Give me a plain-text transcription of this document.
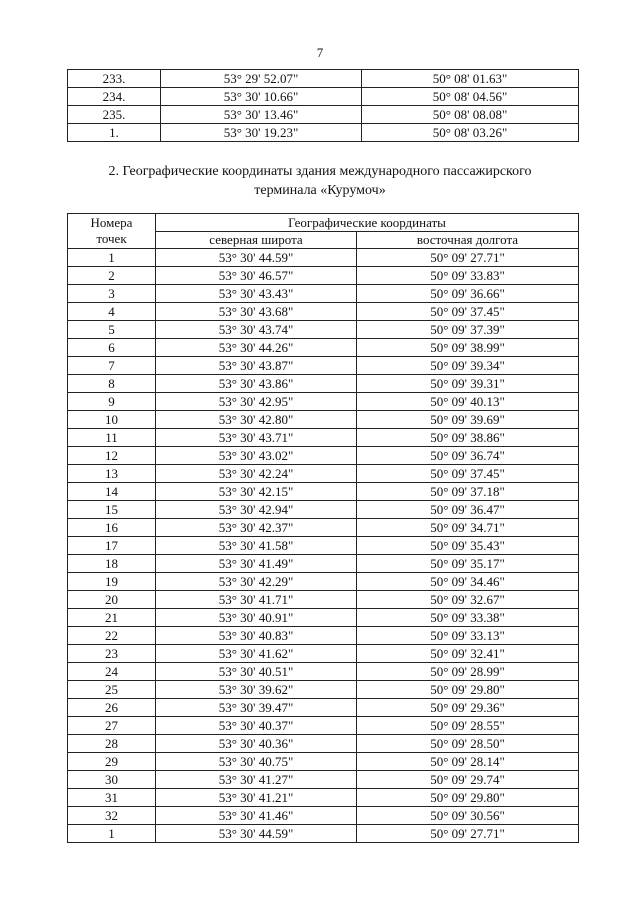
7
233.	53° 29' 52.07"	50° 08' 01.63"
234.	53° 30' 10.66"	50° 08' 04.56"
235.	53° 30' 13.46"	50° 08' 08.08"
1.	53° 30' 19.23"	50° 08' 03.26"
2. Географические координаты здания международного пассажирского
терминала «Курумоч»
Номера
точек	Географические координаты	
	северная широта	восточная долгота
1	53° 30' 44.59"	50° 09' 27.71"
2	53° 30' 46.57"	50° 09' 33.83"
3	53° 30' 43.43"	50° 09' 36.66"
4	53° 30' 43.68"	50° 09' 37.45"
5	53° 30' 43.74"	50° 09' 37.39"
6	53° 30' 44.26"	50° 09' 38.99"
7	53° 30' 43.87"	50° 09' 39.34"
8	53° 30' 43.86"	50° 09' 39.31"
9	53° 30' 42.95"	50° 09' 40.13"
10	53° 30' 42.80"	50° 09' 39.69"
11	53° 30' 43.71"	50° 09' 38.86"
12	53° 30' 43.02"	50° 09' 36.74"
13	53° 30' 42.24"	50° 09' 37.45"
14	53° 30' 42.15"	50° 09' 37.18"
15	53° 30' 42.94"	50° 09' 36.47"
16	53° 30' 42.37"	50° 09' 34.71"
17	53° 30' 41.58"	50° 09' 35.43"
18	53° 30' 41.49"	50° 09' 35.17"
19	53° 30' 42.29"	50° 09' 34.46"
20	53° 30' 41.71"	50° 09' 32.67"
21	53° 30' 40.91"	50° 09' 33.38"
22	53° 30' 40.83"	50° 09' 33.13"
23	53° 30' 41.62"	50° 09' 32.41"
24	53° 30' 40.51"	50° 09' 28.99"
25	53° 30' 39.62"	50° 09' 29.80"
26	53° 30' 39.47"	50° 09' 29.36"
27	53° 30' 40.37"	50° 09' 28.55"
28	53° 30' 40.36"	50° 09' 28.50"
29	53° 30' 40.75"	50° 09' 28.14"
30	53° 30' 41.27"	50° 09' 29.74"
31	53° 30' 41.21"	50° 09' 29.80"
32	53° 30' 41.46"	50° 09' 30.56"
1	53° 30' 44.59"	50° 09' 27.71"
